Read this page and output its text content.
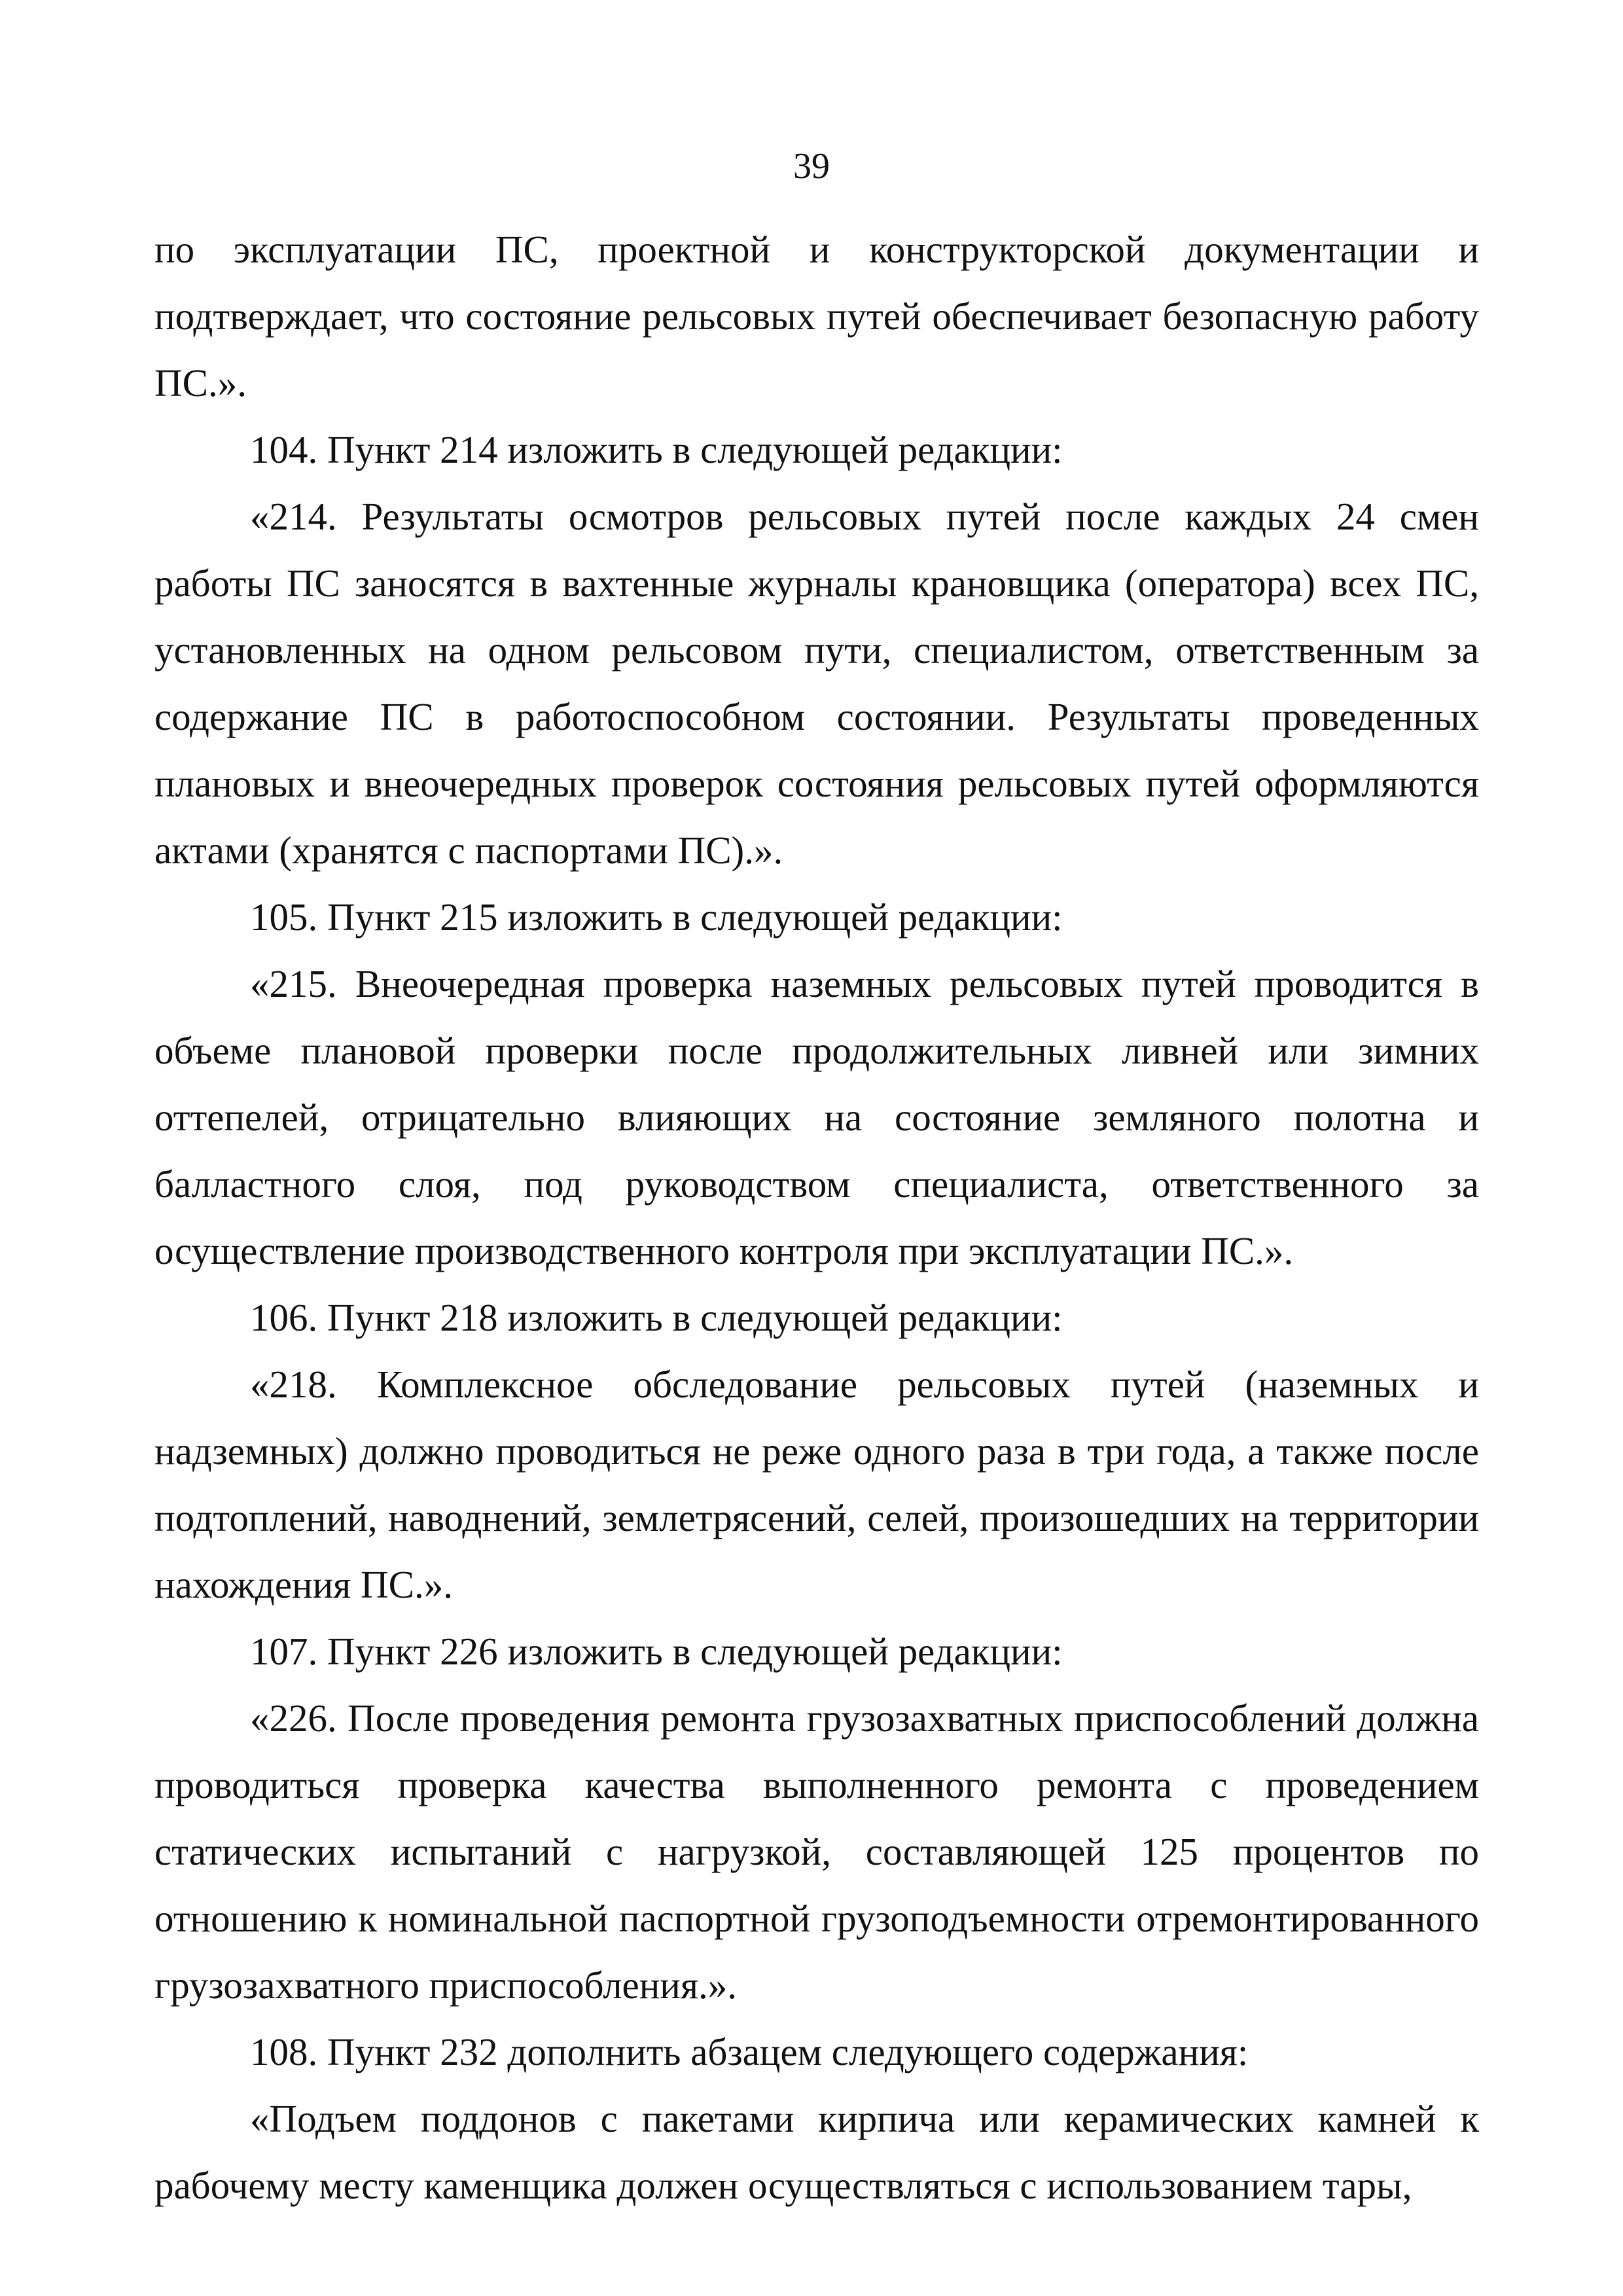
39

по эксплуатации ПС, проектной и конструкторской документации и подтверждает, что состояние рельсовых путей обеспечивает безопасную работу ПС.».

104. Пункт 214 изложить в следующей редакции:

«214. Результаты осмотров рельсовых путей после каждых 24 смен работы ПС заносятся в вахтенные журналы крановщика (оператора) всех ПС, установленных на одном рельсовом пути, специалистом, ответственным за содержание ПС в работоспособном состоянии. Результаты проведенных плановых и внеочередных проверок состояния рельсовых путей оформляются актами (хранятся с паспортами ПС).».

105. Пункт 215 изложить в следующей редакции:

«215. Внеочередная проверка наземных рельсовых путей проводится в объеме плановой проверки после продолжительных ливней или зимних оттепелей, отрицательно влияющих на состояние земляного полотна и балластного слоя, под руководством специалиста, ответственного за осуществление производственного контроля при эксплуатации ПС.».

106. Пункт 218 изложить в следующей редакции:

«218. Комплексное обследование рельсовых путей (наземных и надземных) должно проводиться не реже одного раза в три года, а также после подтоплений, наводнений, землетрясений, селей, произошедших на территории нахождения ПС.».

107. Пункт 226 изложить в следующей редакции:

«226. После проведения ремонта грузозахватных приспособлений должна проводиться проверка качества выполненного ремонта с проведением статических испытаний с нагрузкой, составляющей 125 процентов по отношению к номинальной паспортной грузоподъемности отремонтированного грузозахватного приспособления.».

108. Пункт 232 дополнить абзацем следующего содержания:

«Подъем поддонов с пакетами кирпича или керамических камней к рабочему месту каменщика должен осуществляться с использованием тары,
